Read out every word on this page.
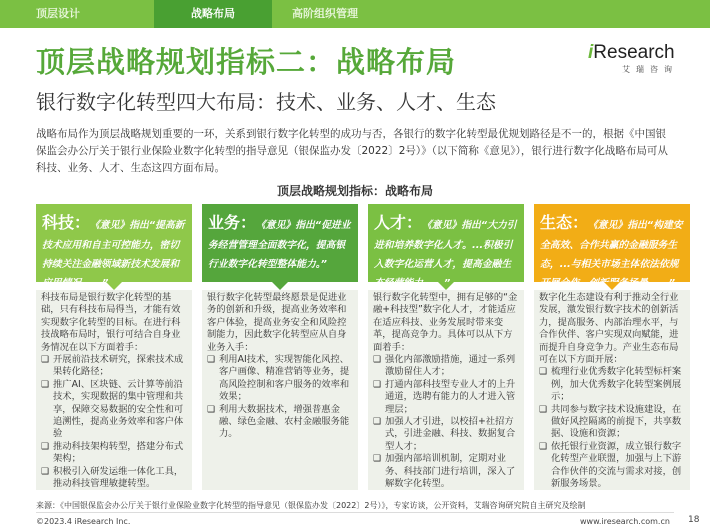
顶层设计	战略布局	高阶组织管理
顶层战略规划指标二：战略布局
银行数字化转型四大布局：技术、业务、人才、生态
iResearch
艾瑞咨询
战略布局作为顶层战略规划重要的一环，关系到银行数字化转型的成功与否，各银行的数字化转型最优规划路径是不一的，根据《中国银保监会办公厅关于银行业保险业数字化转型的指导意见（银保监办发〔2022〕2号）》（以下简称《意见》），银行进行数字化战略布局可从科技、业务、人才、生态这四方面布局。
顶层战略规划指标：战略布局
科技：《意见》指出“提高新技术应用和自主可控能力，密切持续关注金融领域新技术发展和应用情况，...”
业务：《意见》指出“促进业务经营管理全面数字化，提高银行业数字化转型整体能力。”
人才：《意见》指出“大力引进和培养数字化人才。...积极引入数字化运营人才，提高金融生态经营能力，...”
生态：《意见》指出“构建安全高效、合作共赢的金融服务生态，...与相关市场主体依法依规开展合作，创新服务场景，...”

科技布局是银行数字化转型的基础，只有科技布局得当，才能有效实现数字化转型的目标。在进行科技战略布局时，银行可结合自身业务情况在以下方面着手：

❑ 开展前沿技术研究，探索技术成果转化路径；
❑ 推广AI、区块链、云计算等前沿技术，实现数据的集中管理和共享，保障交易数据的安全性和可追溯性，提高业务效率和客户体验
❑ 推动科技架构转型，搭建分布式架构；
❑ 积极引入研发运维一体化工具，推动科技管理敏捷转型。

银行数字化转型最终愿景是促进业务的创新和升级，提高业务效率和客户体验，提高业务安全和风险控制能力，因此数字化转型应从自身业务入手：

❑ 利用AI技术，实现智能化风控、客户画像、精准营销等业务，提高风险控制和客户服务的效率和效果；
❑ 利用大数据技术，增强普惠金融、绿色金融、农村金融服务能力。

银行数字化转型中，拥有足够的“金融+科技型”数字化人才，才能适应在适应科技、业务发展时带来变革，提高竞争力。具体可以从下方面着手：

❑ 强化内部激励措施，通过一系列激励留住人才；
❑ 打通内部科技型专业人才的上升通道，选聘有能力的人才进入管理层；
❑ 加强人才引进，以校招+社招方式，引进金融、科技、数据复合型人才；
❑ 加强内部培训机制，定期对业务、科技部门进行培训，深入了解数字化转型。

数字化生态建设有利于推动全行业发展，激发银行数字技术的创新活力，提高服务、内部治理水平，与合作伙伴、客户实现双向赋能，进而提升自身竞争力。产业生态布局可在以下方面开展：

❑ 梳理行业优秀数字化转型标杆案例，加大优秀数字化转型案例展示；
❑ 共同参与数字技术设施建设，在做好风控隔离的前提下，共享数据、设施和资源；
❑ 依托银行业资源，成立银行数字化转型产业联盟，加强与上下游合作伙伴的交流与需求对接，创新服务场景。
来源：《中国银保监会办公厅关于银行业保险业数字化转型的指导意见（银保监办发〔2022〕2号）》，专家访谈，公开资料，艾瑞咨询研究院自主研究及绘制
©2023.4 iResearch Inc.	www.iresearch.com.cn 18
